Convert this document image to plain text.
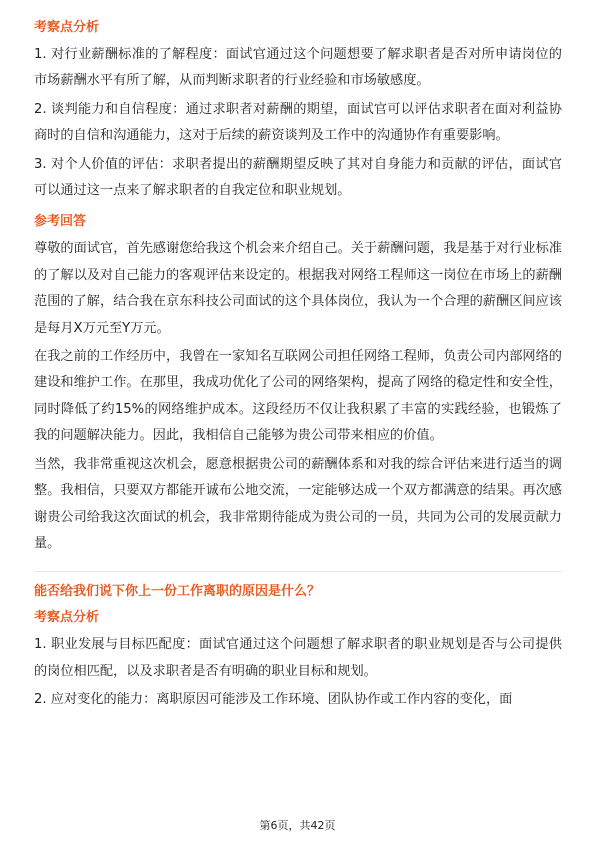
考察点分析

1. 对行业薪酬标准的了解程度：面试官通过这个问题想要了解求职者是否对所申请岗位的市场薪酬水平有所了解，从而判断求职者的行业经验和市场敏感度。

2. 谈判能力和自信程度：通过求职者对薪酬的期望，面试官可以评估求职者在面对利益协商时的自信和沟通能力，这对于后续的薪资谈判及工作中的沟通协作有重要影响。

3. 对个人价值的评估：求职者提出的薪酬期望反映了其对自身能力和贡献的评估，面试官可以通过这一点来了解求职者的自我定位和职业规划。

参考回答

尊敬的面试官，首先感谢您给我这个机会来介绍自己。关于薪酬问题，我是基于对行业标准的了解以及对自己能力的客观评估来设定的。根据我对网络工程师这一岗位在市场上的薪酬范围的了解，结合我在京东科技公司面试的这个具体岗位，我认为一个合理的薪酬区间应该是每月X万元至Y万元。

在我之前的工作经历中，我曾在一家知名互联网公司担任网络工程师，负责公司内部网络的建设和维护工作。在那里，我成功优化了公司的网络架构，提高了网络的稳定性和安全性，同时降低了约15%的网络维护成本。这段经历不仅让我积累了丰富的实践经验，也锻炼了我的问题解决能力。因此，我相信自己能够为贵公司带来相应的价值。

当然，我非常重视这次机会，愿意根据贵公司的薪酬体系和对我的综合评估来进行适当的调整。我相信，只要双方都能开诚布公地交流，一定能够达成一个双方都满意的结果。再次感谢贵公司给我这次面试的机会，我非常期待能成为贵公司的一员，共同为公司的发展贡献力量。

能否给我们说下你上一份工作离职的原因是什么？
考察点分析

1. 职业发展与目标匹配度：面试官通过这个问题想了解求职者的职业规划是否与公司提供的岗位相匹配，以及求职者是否有明确的职业目标和规划。

2. 应对变化的能力：离职原因可能涉及工作环境、团队协作或工作内容的变化，面

第6页，共42页
